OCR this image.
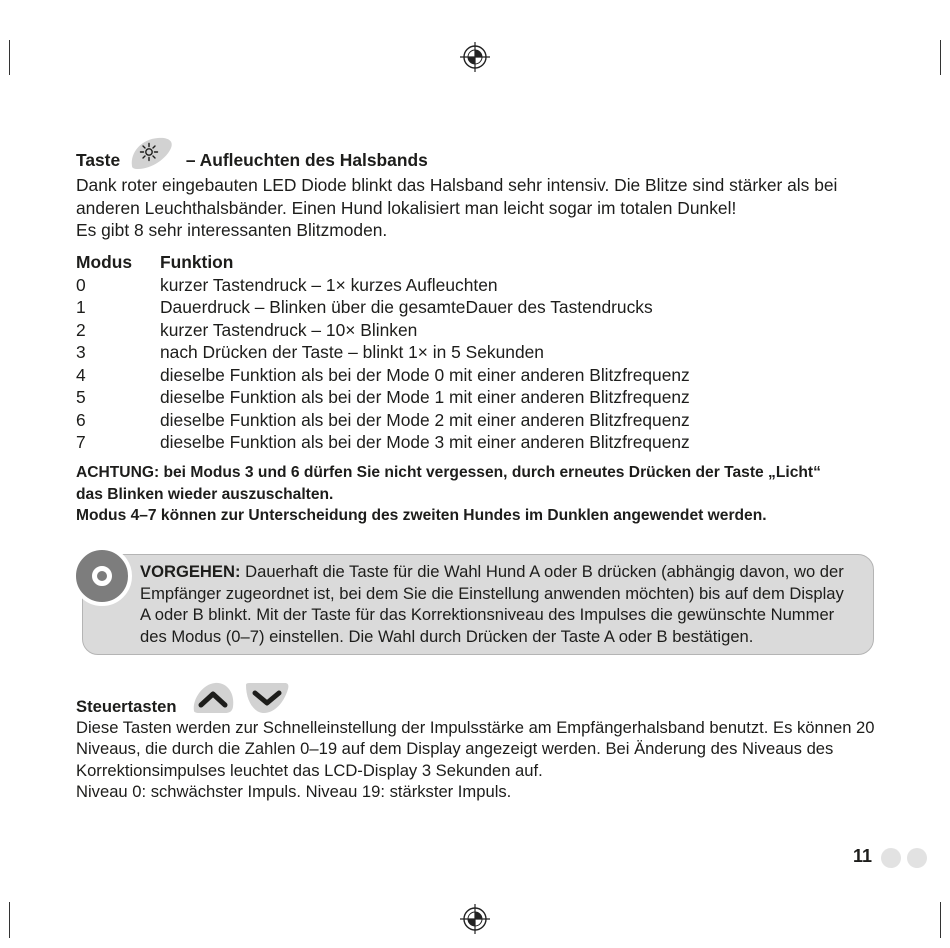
Taste	– Aufleuchten des Halsbands
Dank roter eingebauten LED Diode blinkt das Halsband sehr intensiv. Die Blitze sind stärker als bei
anderen Leuchthalsbänder. Einen Hund lokalisiert man leicht sogar im totalen Dunkel!
Es gibt 8 sehr interessanten Blitzmoden.
Modus Funktion
0	kurzer Tastendruck – 1× kurzes Aufleuchten
1	Dauerdruck – Blinken über die gesamteDauer des Tastendrucks
2	kurzer Tastendruck – 10× Blinken
3	nach Drücken der Taste – blinkt 1× in 5 Sekunden
4	dieselbe Funktion als bei der Mode 0 mit einer anderen Blitzfrequenz
5	dieselbe Funktion als bei der Mode 1 mit einer anderen Blitzfrequenz
6	dieselbe Funktion als bei der Mode 2 mit einer anderen Blitzfrequenz
7	dieselbe Funktion als bei der Mode 3 mit einer anderen Blitzfrequenz
ACHTUNG: bei Modus 3 und 6 dürfen Sie nicht vergessen, durch erneutes Drücken der Taste „Licht“
das Blinken wieder auszuschalten.
Modus 4–7 können zur Unterscheidung des zweiten Hundes im Dunklen angewendet werden.
VORGEHEN: Dauerhaft die Taste für die Wahl Hund A oder B drücken (abhängig davon, wo der
Empfänger zugeordnet ist, bei dem Sie die Einstellung anwenden möchten) bis auf dem Display
A oder B blinkt. Mit der Taste für das Korrektionsniveau des Impulses die gewünschte Nummer
des Modus (0–7) einstellen. Die Wahl durch Drücken der Taste A oder B bestätigen.
Steuertasten
Diese Tasten werden zur Schnelleinstellung der Impulsstärke am Empfängerhalsband benutzt. Es können 20
Niveaus, die durch die Zahlen 0–19 auf dem Display angezeigt werden. Bei Änderung des Niveaus des
Korrektionsimpulses leuchtet das LCD-Display 3 Sekunden auf.
Niveau 0: schwächster Impuls. Niveau 19: stärkster Impuls.
11
